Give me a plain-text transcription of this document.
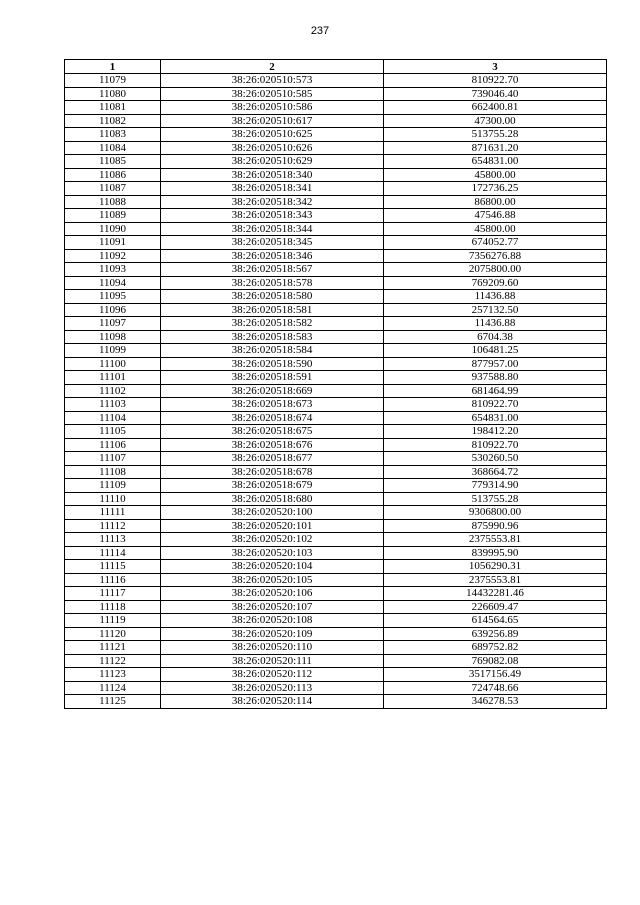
237
1	2	3
11079	38:26:020510:573	810922.70
11080	38:26:020510:585	739046.40
11081	38:26:020510:586	662400.81
11082	38:26:020510:617	47300.00
11083	38:26:020510:625	513755.28
11084	38:26:020510:626	871631.20
11085	38:26:020510:629	654831.00
11086	38:26:020518:340	45800.00
11087	38:26:020518:341	172736.25
11088	38:26:020518:342	86800.00
11089	38:26:020518:343	47546.88
11090	38:26:020518:344	45800.00
11091	38:26:020518:345	674052.77
11092	38:26:020518:346	7356276.88
11093	38:26:020518:567	2075800.00
11094	38:26:020518:578	769209.60
11095	38:26:020518:580	11436.88
11096	38:26:020518:581	257132.50
11097	38:26:020518:582	11436.88
11098	38:26:020518:583	6704.38
11099	38:26:020518:584	106481.25
11100	38:26:020518:590	877957.00
11101	38:26:020518:591	937588.80
11102	38:26:020518:669	681464.99
11103	38:26:020518:673	810922.70
11104	38:26:020518:674	654831.00
11105	38:26:020518:675	198412.20
11106	38:26:020518:676	810922.70
11107	38:26:020518:677	530260.50
11108	38:26:020518:678	368664.72
11109	38:26:020518:679	779314.90
11110	38:26:020518:680	513755.28
11111	38:26:020520:100	9306800.00
11112	38:26:020520:101	875990.96
11113	38:26:020520:102	2375553.81
11114	38:26:020520:103	839995.90
11115	38:26:020520:104	1056290.31
11116	38:26:020520:105	2375553.81
11117	38:26:020520:106	14432281.46
11118	38:26:020520:107	226609.47
11119	38:26:020520:108	614564.65
11120	38:26:020520:109	639256.89
11121	38:26:020520:110	689752.82
11122	38:26:020520:111	769082.08
11123	38:26:020520:112	3517156.49
11124	38:26:020520:113	724748.66
11125	38:26:020520:114	346278.53
